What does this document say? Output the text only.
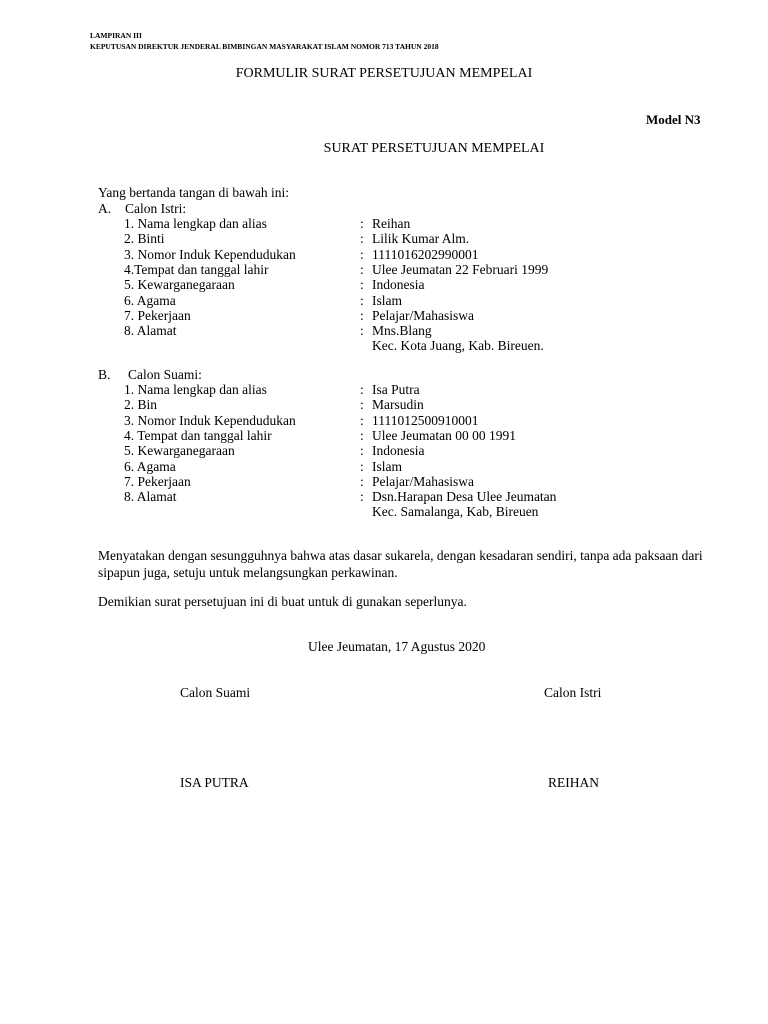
LAMPIRAN III
KEPUTUSAN DIREKTUR JENDERAL BIMBINGAN MASYARAKAT ISLAM NOMOR 713 TAHUN 2018
FORMULIR SURAT PERSETUJUAN MEMPELAI
Model N3
SURAT PERSETUJUAN MEMPELAI
Yang bertanda tangan di bawah ini:
A. Calon Istri:
1. Nama lengkap dan alias	: Reihan
2. Binti	: Lilik Kumar Alm.
3. Nomor Induk Kependudukan	: 1111016202990001
4.Tempat dan tanggal lahir	: Ulee Jeumatan 22 Februari 1999
5. Kewarganegaraan	: Indonesia
6. Agama	: Islam
7. Pekerjaan	: Pelajar/Mahasiswa
8. Alamat	: Mns.Blang
Kec. Kota Juang, Kab. Bireuen.
B. Calon Suami:
1. Nama lengkap dan alias	: Isa Putra
2. Bin	: Marsudin
3. Nomor Induk Kependudukan	: 1111012500910001
4. Tempat dan tanggal lahir	: Ulee Jeumatan 00 00 1991
5. Kewarganegaraan	: Indonesia
6. Agama	: Islam
7. Pekerjaan	: Pelajar/Mahasiswa
8. Alamat	: Dsn.Harapan Desa Ulee Jeumatan
Kec. Samalanga, Kab, Bireuen
Menyatakan dengan sesungguhnya bahwa atas dasar sukarela, dengan kesadaran sendiri, tanpa ada paksaan dari sipapun juga, setuju untuk melangsungkan perkawinan.
Demikian surat persetujuan ini di buat untuk di gunakan seperlunya.
Ulee Jeumatan, 17 Agustus 2020
Calon Suami	Calon Istri
ISA PUTRA	REIHAN
